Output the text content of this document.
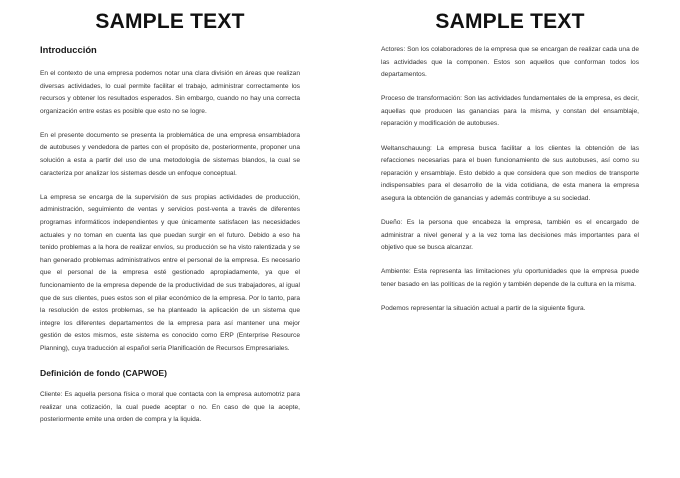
SAMPLE TEXT
Introducción

En el contexto de una empresa podemos notar una clara división en áreas que realizan diversas actividades, lo cual permite facilitar el trabajo, administrar correctamente los recursos y obtener los resultados esperados. Sin embargo, cuando no hay una correcta organización entre estas es posible que esto no se logre.

En el presente documento se presenta la problemática de una empresa ensambladora de autobuses y vendedora de partes con el propósito de, posteriormente, proponer una solución a esta a partir del uso de una metodología de sistemas blandos, la cual se caracteriza por analizar los sistemas desde un enfoque conceptual.

La empresa se encarga de la supervisión de sus propias actividades de producción, administración, seguimiento de ventas y servicios post-venta a través de diferentes programas informáticos independientes y que únicamente satisfacen las necesidades actuales y no toman en cuenta las que puedan surgir en el futuro. Debido a eso ha tenido problemas a la hora de realizar envíos, su producción se ha visto ralentizada y se han generado problemas administrativos entre el personal de la empresa. Es necesario que el personal de la empresa esté gestionado apropiadamente, ya que el funcionamiento de la empresa depende de la productividad de sus trabajadores, al igual que de sus clientes, pues estos son el pilar económico de la empresa. Por lo tanto, para la resolución de estos problemas, se ha planteado la aplicación de un sistema que integre los diferentes departamentos de la empresa para así mantener una mejor gestión de estos mismos, este sistema es conocido como ERP (Enterprise Resource Planning), cuya traducción al español sería Planificación de Recursos Empresariales.

Definición de fondo (CAPWOE)

Cliente: Es aquella persona física o moral que contacta con la empresa automotriz para realizar una cotización, la cual puede aceptar o no. En caso de que la acepte, posteriormente emite una orden de compra y la liquida.

SAMPLE TEXT

Actores: Son los colaboradores de la empresa que se encargan de realizar cada una de las actividades que la componen. Estos son aquellos que conforman todos los departamentos.

Proceso de transformación: Son las actividades fundamentales de la empresa, es decir, aquellas que producen las ganancias para la misma, y constan del ensamblaje, reparación y modificación de autobuses.

Weltanschauung: La empresa busca facilitar a los clientes la obtención de las refacciones necesarias para el buen funcionamiento de sus autobuses, así como su reparación y ensamblaje. Esto debido a que considera que son medios de transporte indispensables para el desarrollo de la vida cotidiana, de esta manera la empresa asegura la obtención de ganancias y además contribuye a su sociedad.

Dueño: Es la persona que encabeza la empresa, también es el encargado de administrar a nivel general y a la vez toma las decisiones más importantes para el objetivo que se busca alcanzar.

Ambiente: Esta representa las limitaciones y/u oportunidades que la empresa puede tener basado en las políticas de la región y también depende de la cultura en la misma.

Podemos representar la situación actual a partir de la siguiente figura.
